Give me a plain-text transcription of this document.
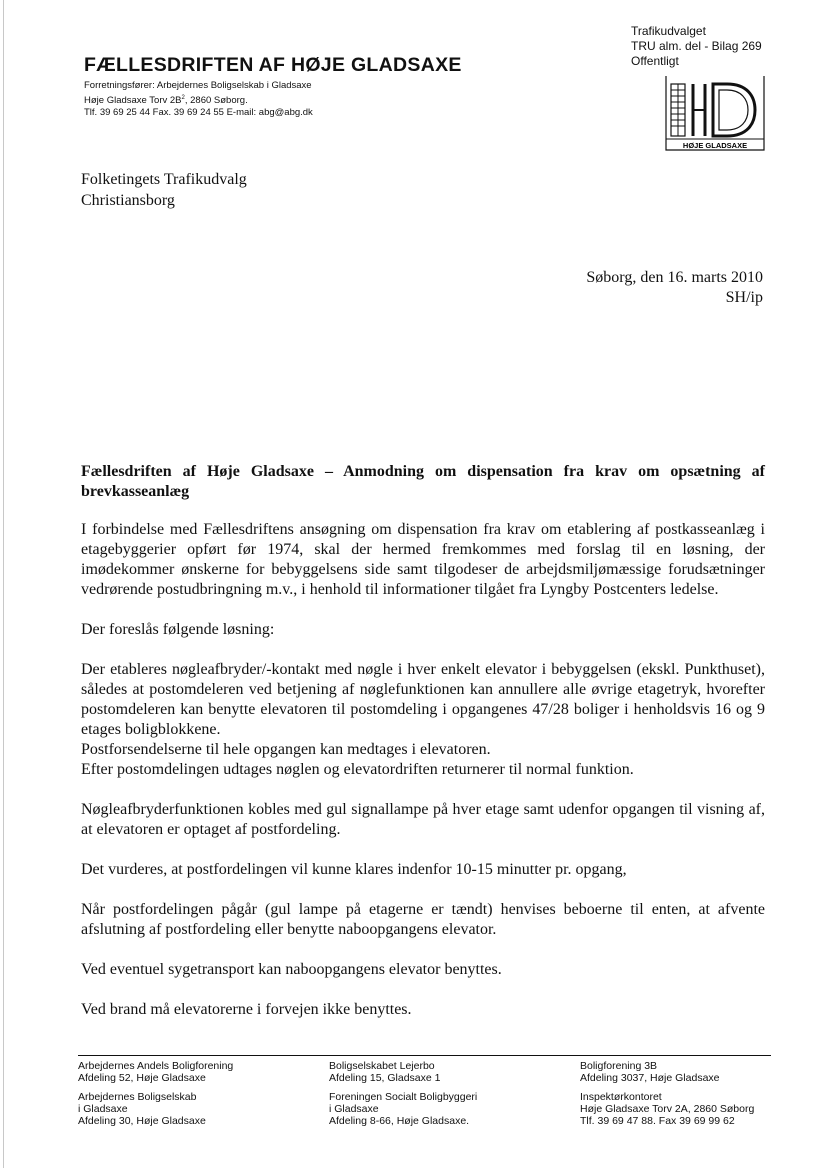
Trafikudvalget
TRU alm. del - Bilag 269
Offentligt
FÆLLESDRIFTEN AF HØJE GLADSAXE
Forretningsfører: Arbejdernes Boligselskab i Gladsaxe
Høje Gladsaxe Torv $2B^2$, 2860 Søborg.
Tlf. 39 69 25 44 Fax. 39 69 24 55 E-mail: abg@abg.dk
HØJE GLADSAXE
Folketingets Trafikudvalg
Christiansborg
Søborg, den 16. marts 2010
SH/ip

Fællesdriften af Høje Gladsaxe – Anmodning om dispensation fra krav om opsætning af brevkasseanlæg

I forbindelse med Fællesdriftens ansøgning om dispensation fra krav om etablering af postkasseanlæg i etagebyggerier opført før 1974, skal der hermed fremkommes med forslag til en løsning, der imødekommer ønskerne for bebyggelsens side samt tilgodeser de arbejdsmiljømæssige forudsætninger vedrørende postudbringning m.v., i henhold til informationer tilgået fra Lyngby Postcenters ledelse.

Der foreslås følgende løsning:

Der etableres nøgleafbryder/-kontakt med nøgle i hver enkelt elevator i bebyggelsen (ekskl. Punkthuset), således at postomdeleren ved betjening af nøglefunktionen kan annullere alle øvrige etagetryk, hvorefter postomdeleren kan benytte elevatoren til postomdeling i opgangenes 47/28 boliger i henholdsvis 16 og 9 etages boligblokkene.

Postforsendelserne til hele opgangen kan medtages i elevatoren.

Efter postomdelingen udtages nøglen og elevatordriften returnerer til normal funktion.

Nøgleafbryderfunktionen kobles med gul signallampe på hver etage samt udenfor opgangen til visning af, at elevatoren er optaget af postfordeling.

Det vurderes, at postfordelingen vil kunne klares indenfor 10-15 minutter pr. opgang,

Når postfordelingen pågår (gul lampe på etagerne er tændt) henvises beboerne til enten, at afvente afslutning af postfordeling eller benytte naboopgangens elevator.

Ved eventuel sygetransport kan naboopgangens elevator benyttes.

Ved brand må elevatorerne i forvejen ikke benyttes.

Arbejdernes Andels Boligforening
Afdeling 52, Høje Gladsaxe
Arbejdernes Boligselskab
i Gladsaxe
Afdeling 30, Høje Gladsaxe
Boligselskabet Lejerbo
Afdeling 15, Gladsaxe 1
Foreningen Socialt Boligbyggeri
i Gladsaxe
Afdeling 8-66, Høje Gladsaxe.
Boligforening 3B
Afdeling 3037, Høje Gladsaxe
Inspektørkontoret
Høje Gladsaxe Torv 2A, 2860 Søborg
Tlf. 39 69 47 88. Fax 39 69 99 62
